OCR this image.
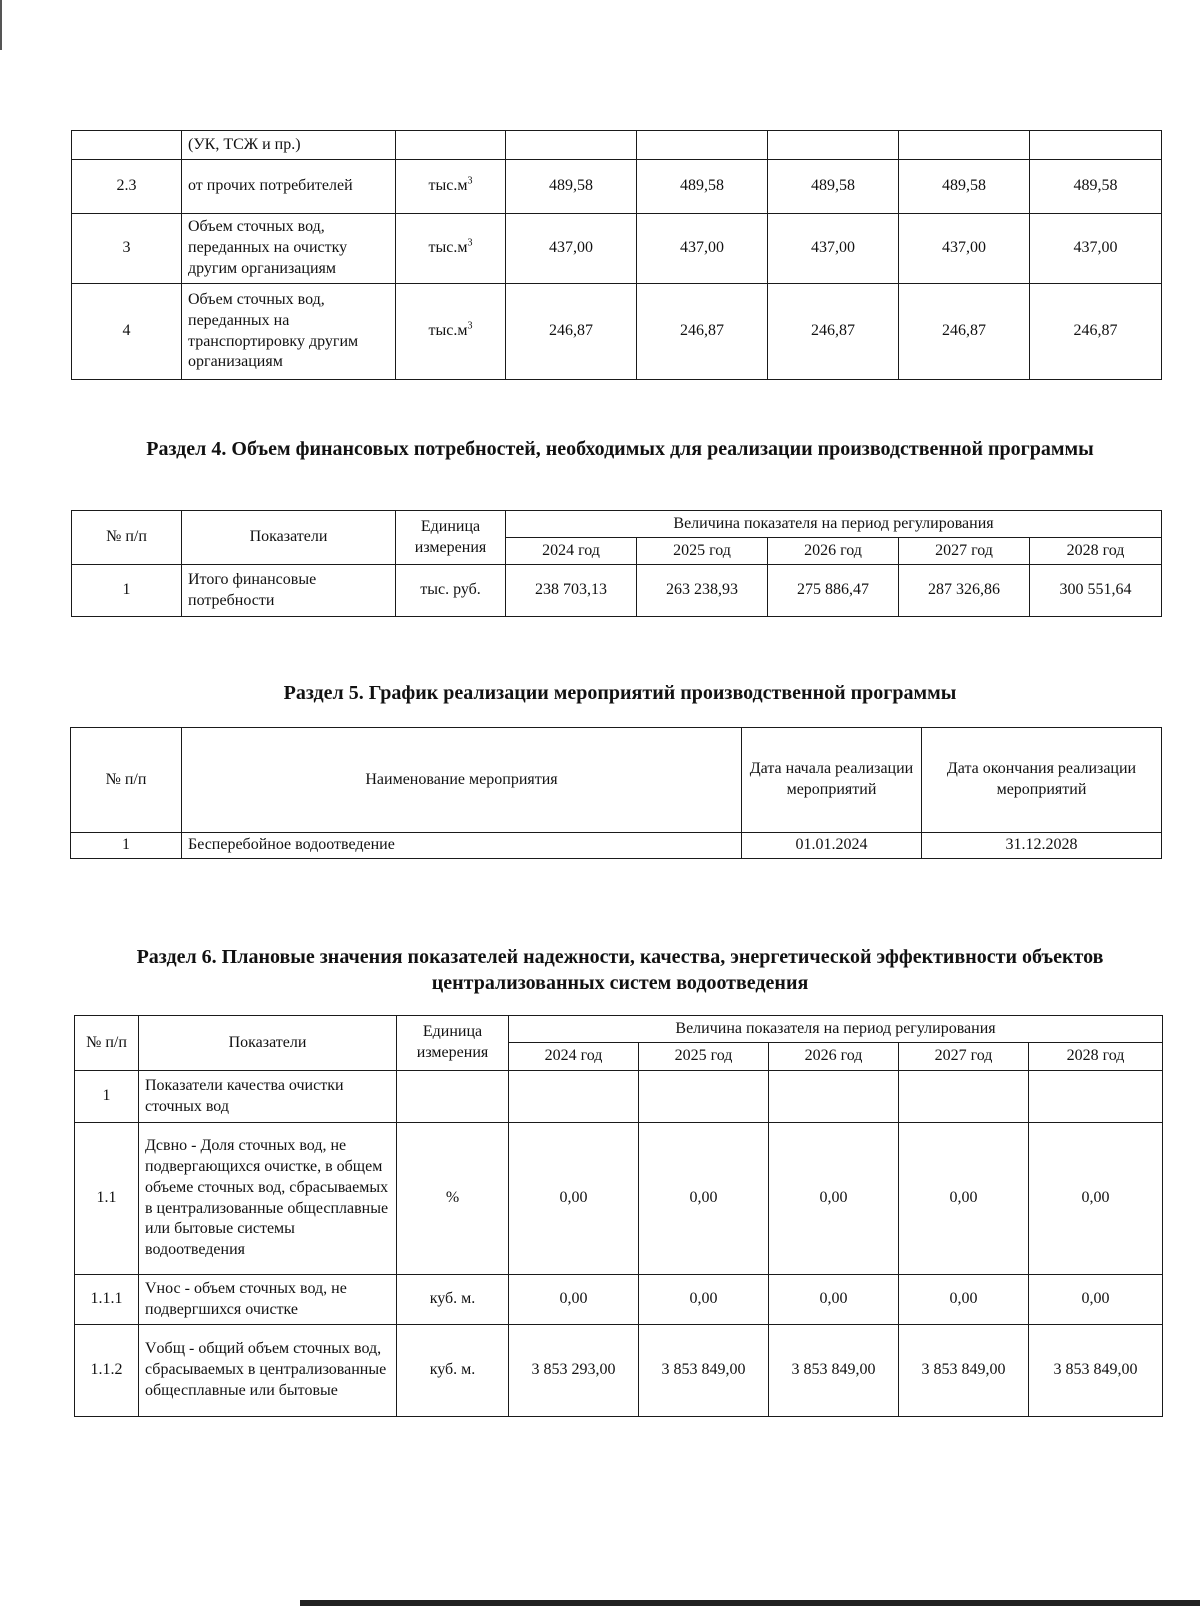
	(УК, ТСЖ и пр.)						
2.3	от прочих потребителей	$тыс.м^3$	489,58	489,58	489,58	489,58	489,58
3	Объем сточных вод, переданных на очистку другим организациям	$тыс.м^3$	437,00	437,00	437,00	437,00	437,00
4	Объем сточных вод, переданных на транспортировку другим организациям	$тыс.м^3$	246,87	246,87	246,87	246,87	246,87
Раздел 4. Объем финансовых потребностей, необходимых для реализации производственной программы
№ п/п	Показатели	Единица измерения	Величина показателя на период регулирования				
			2024 год	2025 год	2026 год	2027 год	2028 год
1	Итого финансовые потребности	тыс. руб.	238 703,13	263 238,93	275 886,47	287 326,86	300 551,64
Раздел 5. График реализации мероприятий производственной программы
№ п/п	Наименование мероприятия	Дата начала реализации мероприятий	Дата окончания реализации мероприятий
1	Бесперебойное водоотведение	01.01.2024	31.12.2028
Раздел 6. Плановые значения показателей надежности, качества, энергетической эффективности объектов централизованных систем водоотведения
№ п/п	Показатели	Единица измерения	Величина показателя на период регулирования				
			2024 год	2025 год	2026 год	2027 год	2028 год
1	Показатели качества очистки сточных вод						
1.1	Дсвно - Доля сточных вод, не подвергающихся очистке, в общем объеме сточных вод, сбрасываемых в централизованные общесплавные или бытовые системы водоотведения	%	0,00	0,00	0,00	0,00	0,00
1.1.1	Vнос - объем сточных вод, не подвергшихся очистке	куб. м.	0,00	0,00	0,00	0,00	0,00
1.1.2	Vобщ - общий объем сточных вод, сбрасываемых в централизованные общесплавные или бытовые	куб. м.	3 853 293,00	3 853 849,00	3 853 849,00	3 853 849,00	3 853 849,00
